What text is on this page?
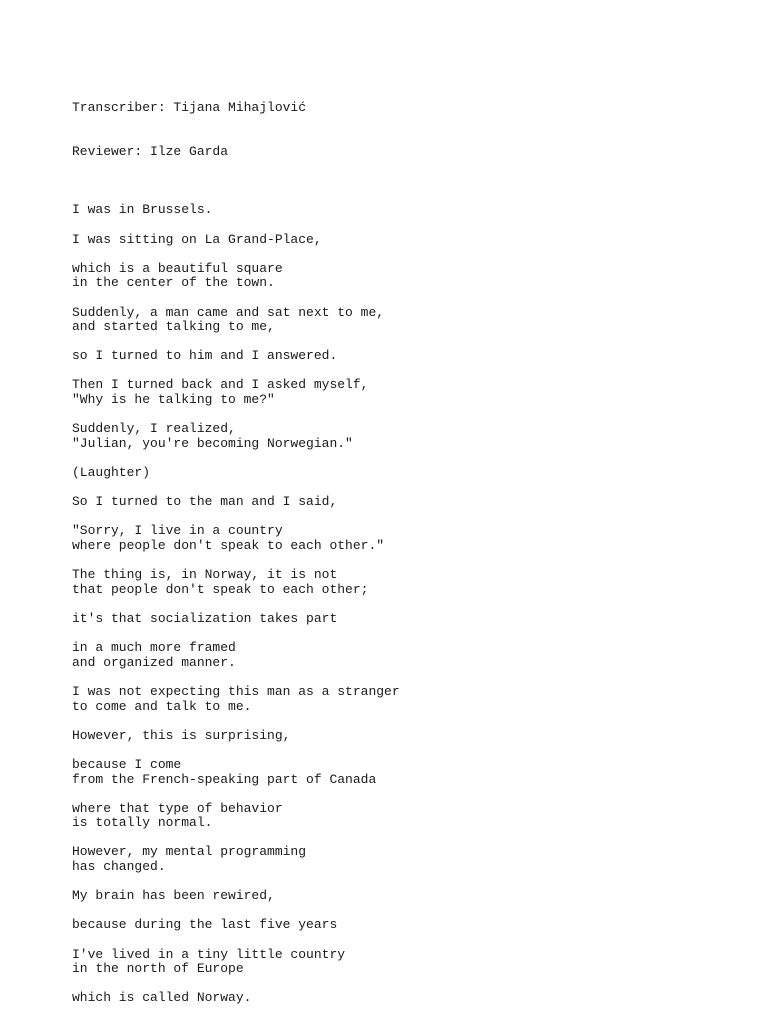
Transcriber: Tijana Mihajlović

Reviewer: Ilze Garda

I was in Brussels.
I was sitting on La Grand-Place,
which is a beautiful square
in the center of the town.
Suddenly, a man came and sat next to me,
and started talking to me,
so I turned to him and I answered.
Then I turned back and I asked myself,
"Why is he talking to me?"
Suddenly, I realized,
"Julian, you're becoming Norwegian."
(Laughter)
So I turned to the man and I said,
"Sorry, I live in a country
where people don't speak to each other."
The thing is, in Norway, it is not
that people don't speak to each other;
it's that socialization takes part
in a much more framed
and organized manner.
I was not expecting this man as a stranger
to come and talk to me.
However, this is surprising,
because I come
from the French-speaking part of Canada
where that type of behavior
is totally normal.
However, my mental programming
has changed.
My brain has been rewired,
because during the last five years
I've lived in a tiny little country
in the north of Europe
which is called Norway.
